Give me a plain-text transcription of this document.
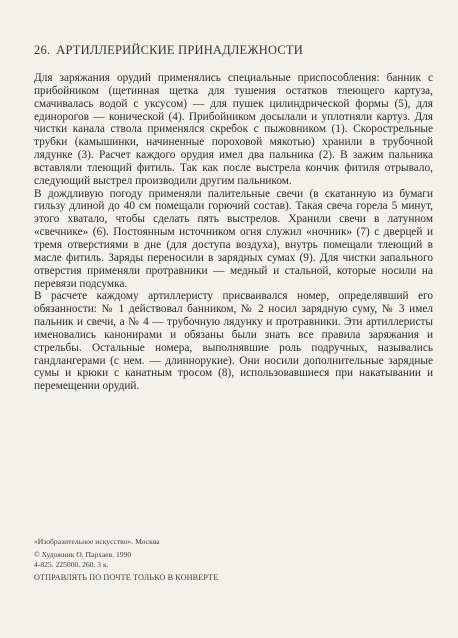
26. АРТИЛЛЕРИЙСКИЕ ПРИНАДЛЕЖНОСТИ

Для заряжания орудий применялись специальные приспособления: банник с прибойником (щетинная щетка для тушения остатков тлеющего картуза, смачивалась водой с уксусом) — для пушек цилиндрической формы (5), для единорогов — конической (4). Прибойником досылали и уплотняли картуз. Для чистки канала ствола применялся скребок с пыжовником (1). Скорострельные трубки (камышинки, начиненные пороховой мякотью) хранили в трубочной лядунке (3). Расчет каждого орудия имел два пальника (2). В зажим пальника вставляли тлеющий фитиль. Так как после выстрела кончик фитиля отрывало, следующий выстрел производили другим пальником.

В дождливую погоду применяли палительные свечи (в скатанную из бумаги гильзу длиной до 40 см помещали горючий состав). Такая свеча горела 5 минут, этого хватало, чтобы сделать пять выстрелов. Хранили свечи в латунном «свечнике» (6). Постоянным источником огня служил «ночник» (7) с дверцей и тремя отверстиями в дне (для доступа воздуха), внутрь помещали тлеющий в масле фитиль. Заряды переносили в зарядных сумах (9). Для чистки запального отверстия применяли протравники — медный и стальной, которые носили на перевязи подсумка.

В расчете каждому артиллеристу присваивался номер, определявший его обязанности: № 1 действовал банником, № 2 носил зарядную суму, № 3 имел пальник и свечи, а № 4 — трубочную лядунку и протравники. Эти артиллеристы именовались канонирами и обязаны были знать все правила заряжания и стрельбы. Остальные номера, выполнявшие роль подручных, назывались гандлангерами (с нем. — длиннорукие). Они носили дополнительные зарядные сумы и крюки с канатным тросом (8), использовавшиеся при накатывании и перемещении орудий.

«Изобразительное искусство». Москва
© Художник О. Пархаев. 1990
4-825. 225000. 260. 3 к.
ОТПРАВЛЯТЬ ПО ПОЧТЕ ТОЛЬКО В КОНВЕРТЕ
